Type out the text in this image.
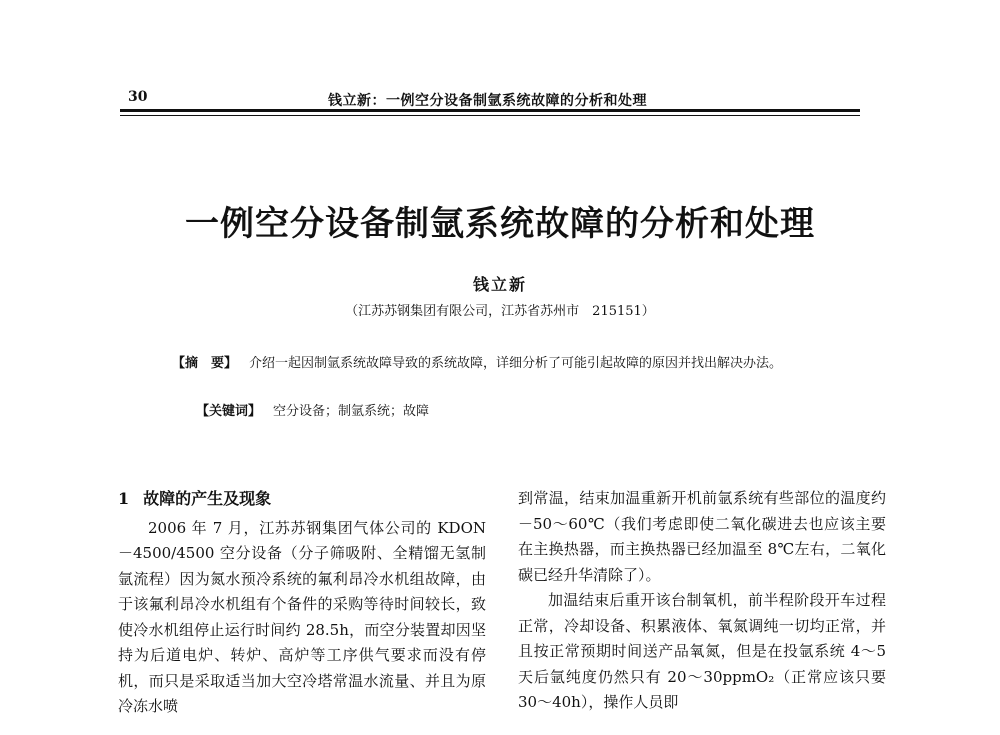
30	钱立新：一例空分设备制氩系统故障的分析和处理
一例空分设备制氩系统故障的分析和处理
钱立新
（江苏苏钢集团有限公司，江苏省苏州市　215151）
【摘　要】 介绍一起因制氩系统故障导致的系统故障，详细分析了可能引起故障的原因并找出解决办法。
【关键词】 空分设备；制氩系统；故障
1 故障的产生及现象

2006 年 7 月，江苏苏钢集团气体公司的 KDON－4500/4500 空分设备（分子筛吸附、全精馏无氢制氩流程）因为氮水预冷系统的氟利昂冷水机组故障，由于该氟利昂冷水机组有个备件的采购等待时间较长，致使冷水机组停止运行时间约 28.5h，而空分装置却因坚持为后道电炉、转炉、高炉等工序供气要求而没有停机，而只是采取适当加大空冷塔常温水流量、并且为原冷冻水喷

到常温，结束加温重新开机前氩系统有些部位的温度约－50～60℃（我们考虑即使二氧化碳进去也应该主要在主换热器，而主换热器已经加温至 8℃左右，二氧化碳已经升华清除了）。

加温结束后重开该台制氧机，前半程阶段开车过程正常，冷却设备、积累液体、氧氮调纯一切均正常，并且按正常预期时间送产品氧氮，但是在投氩系统 4～5 天后氩纯度仍然只有 20～30ppmO₂（正常应该只要 30～40h），操作人员即
